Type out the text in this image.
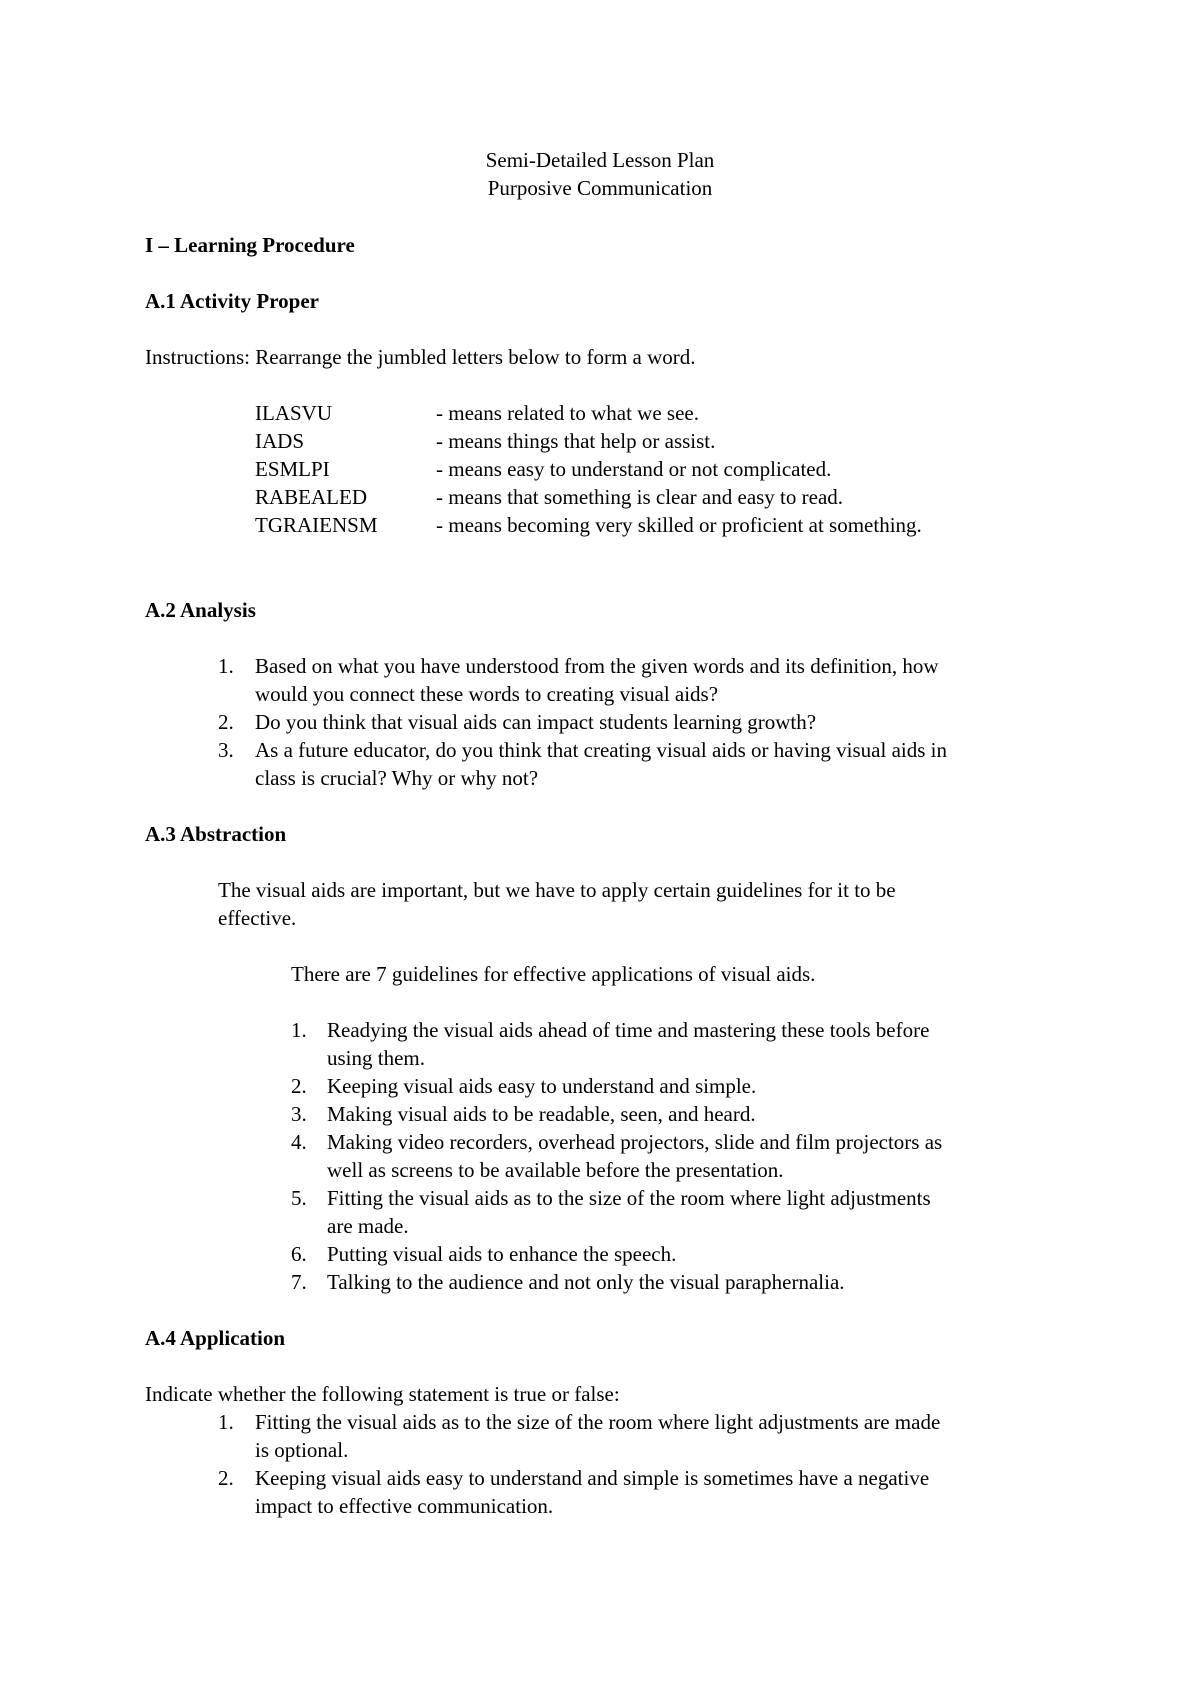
Semi-Detailed Lesson Plan
Purposive Communication
I – Learning Procedure
A.1 Activity Proper
Instructions: Rearrange the jumbled letters below to form a word.
ILASVU	- means related to what we see.
IADS	- means things that help or assist.
ESMLPI	- means easy to understand or not complicated.
RABEALED	- means that something is clear and easy to read.
TGRAIENSM	- means becoming very skilled or proficient at something.
A.2 Analysis
1. Based on what you have understood from the given words and its definition, how
would you connect these words to creating visual aids?
2. Do you think that visual aids can impact students learning growth?
3. As a future educator, do you think that creating visual aids or having visual aids in
class is crucial? Why or why not?
A.3 Abstraction
The visual aids are important, but we have to apply certain guidelines for it to be
effective.
There are 7 guidelines for effective applications of visual aids.
1. Readying the visual aids ahead of time and mastering these tools before
using them.
2. Keeping visual aids easy to understand and simple.
3. Making visual aids to be readable, seen, and heard.
4. Making video recorders, overhead projectors, slide and film projectors as
well as screens to be available before the presentation.
5. Fitting the visual aids as to the size of the room where light adjustments
are made.
6. Putting visual aids to enhance the speech.
7. Talking to the audience and not only the visual paraphernalia.
A.4 Application
Indicate whether the following statement is true or false:
1. Fitting the visual aids as to the size of the room where light adjustments are made
is optional.
2. Keeping visual aids easy to understand and simple is sometimes have a negative
impact to effective communication.
